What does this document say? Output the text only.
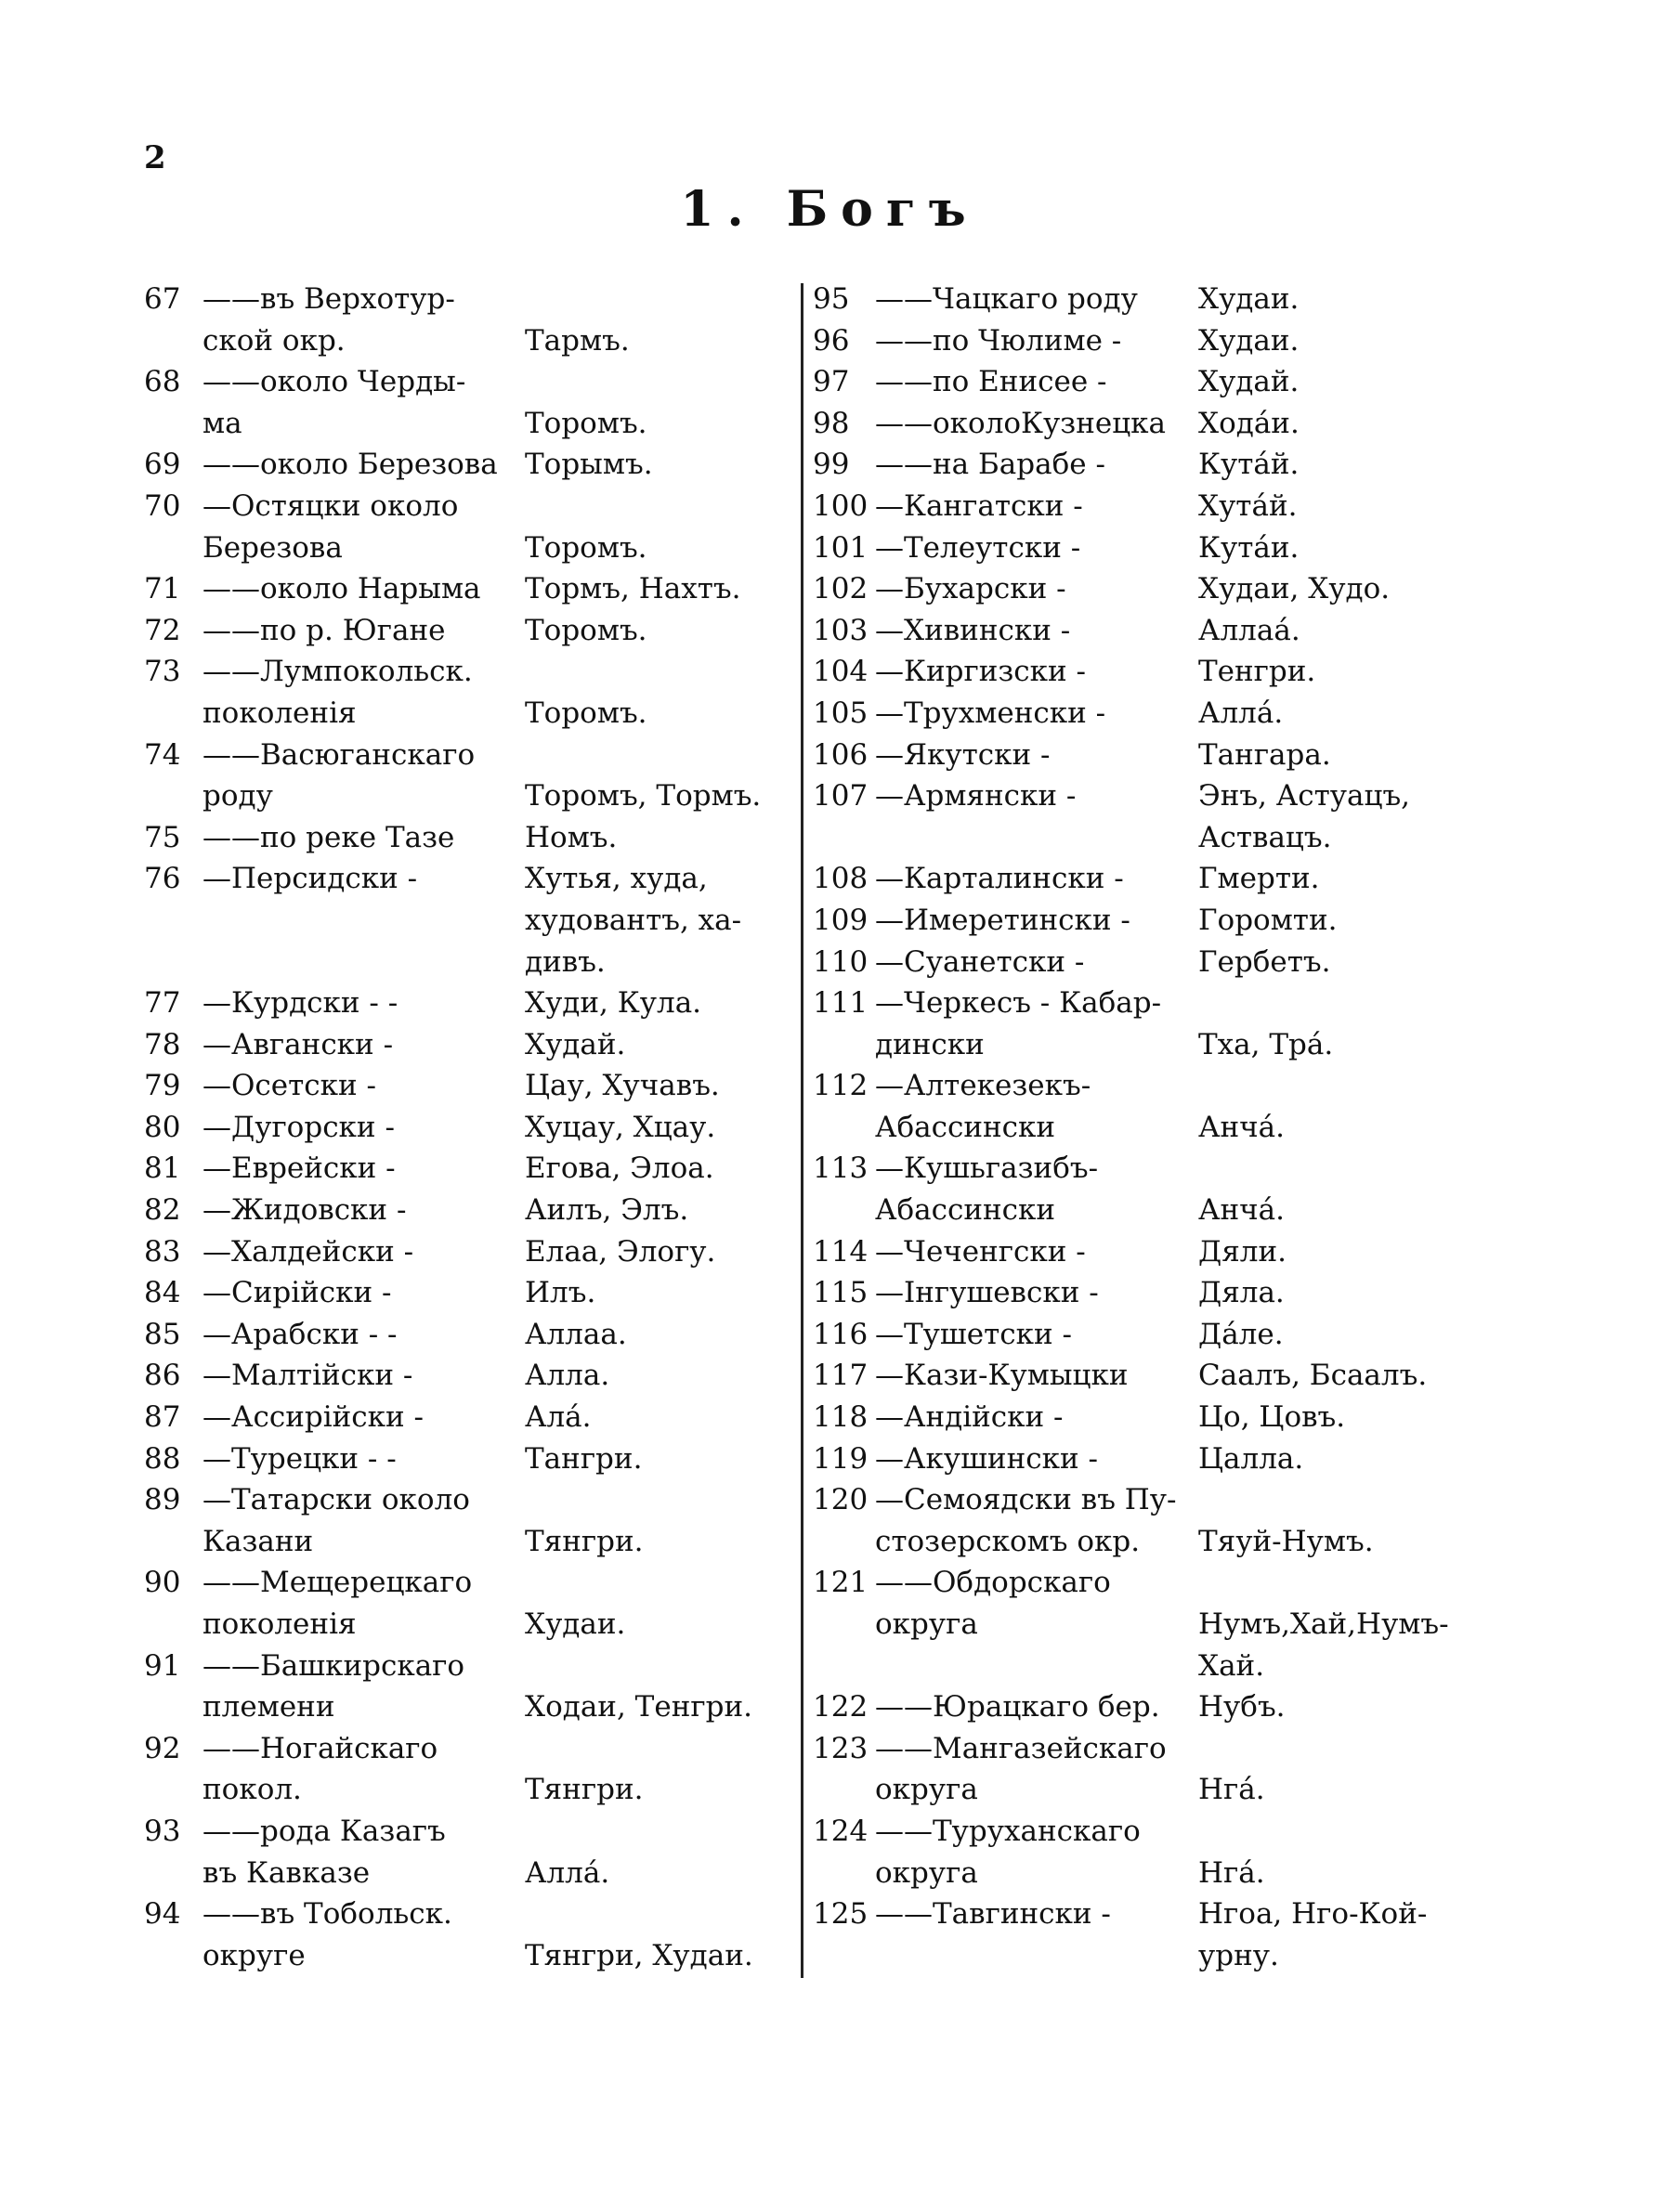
2
1. Богъ
67 ——въ Верхотур-
ской окр.	Тармъ.
68 ——около Черды-
ма	Торомъ.
69 ——около Березова Торымъ.
70 —Остяцки около
Березова	Торомъ.
71 ——около Нарыма Тормъ, Нахтъ.
72 ——по р. Югане	Торомъ.
73 ——Лумпокольск.
поколенія	Торомъ.
74 ——Васюганскаго
роду	Торомъ, Тормъ.
75 ——по реке Тазе Номъ.
76 —Персидски -	Хутья, худа,
худовантъ, ха-
дивъ.
77 —Курдски - -	Худи, Кула.
78 —Авгански -	Худай.
79 —Осетски -	Цау, Хучавъ.
80 —Дугорски -	Хуцау, Хцау.
81 —Еврейски -	Егова, Элоа.
82 —Жидовски -	Аилъ, Элъ.
83 —Халдейски -	Елаа, Элогу.
84 —Сирійски -	Илъ.
85 —Арабски - -	Аллаа.
86 —Малтійски -	Алла.
87 —Ассирійски -	Алá.
88 —Турецки - -	Тангри.
89 —Татарски около
Казани	Тянгри.
90 ——Мещерецкаго
поколенія	Худаи.
91 ——Башкирскаго
племени	Ходаи, Тенгри.
92 ——Ногайскаго
покол.	Тянгри.
93 ——рода Казагъ
въ Кавказе	Аллá.
94 ——въ Тобольск.
округе	Тянгри, Худаи.
95 ——Чацкаго роду Худаи.
96 ——по Чюлиме -	Худаи.
97 ——по Енисее -	Худай.
98 ——околоКузнецка Ходáи.
99 ——на Барабе -	Кутáй.
100 —Кангатски -	Хутáй.
101 —Телеутски -	Кутáи.
102 —Бухарски -	Худаи, Худо.
103 —Хивински -	Аллаá.
104 —Киргизски -	Тенгри.
105 —Трухменски -	Аллá.
106 —Якутски -	Тангара.
107 —Армянски -	Энъ, Астуацъ,
Аствацъ.
108 —Карталински -	Гмерти.
109 —Имеретински - Горомти.
110 —Суанетски -	Гербетъ.
111 —Черкесъ - Кабар-
дински	Тха, Трá.
112 —Алтекезекъ-
Абассински	Анчá.
113 —Кушьгазибъ-
Абассински	Анчá.
114 —Чеченгски -	Дяли.
115 —Інгушевски -	Дяла.
116 —Тушетски -	Дáле.
117 —Кази-Кумыцки Саалъ, Бсаалъ.
118 —Андійски -	Цо, Цовъ.
119 —Акушински -	Цалла.
120 —Семоядски въ Пу-
стозерскомъ окр. Тяуй-Нумъ.
121 ——Обдорскаго
округа	Нумъ,Хай,Нумъ-
Хай.
122 ——Юрацкаго бер. Нубъ.
123 ——Мангазейскаго
округа	Нгá.
124 ——Туруханскаго
округа	Нгá.
125 ——Тавгински -	Нгоа, Нго-Кой-
урну.
